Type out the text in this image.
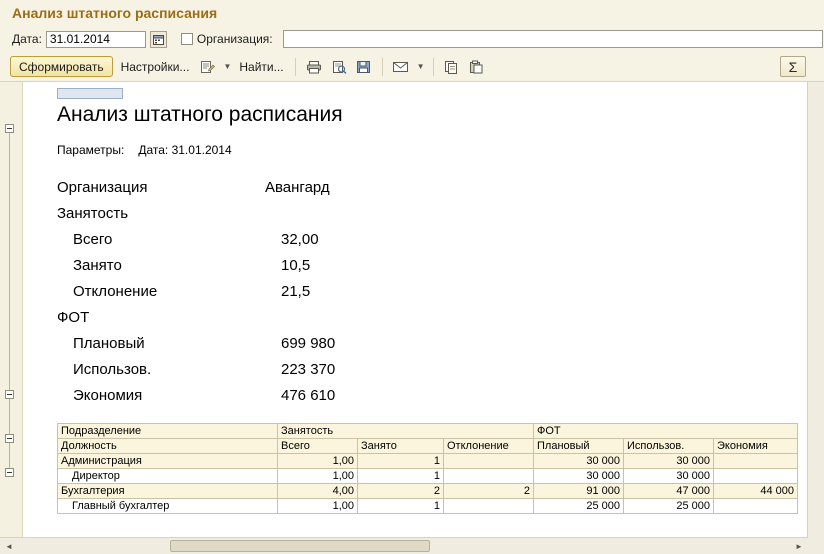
Анализ штатного расписания
Дата:
31.01.2014	Организация:
Сформировать	Настройки...	▼ Найти...	▼	Σ
Анализ штатного расписания
Параметры: Дата: 31.01.2014
Организация	Авангард
Занятость
Всего	32,00
Занято	10,5
Отклонение	21,5
ФОТ
Плановый	699 980
Использов.	223 370
Экономия	476 610
Подразделение	Занятость			ФОТ		
Должность	Всего	Занято	Отклонение	Плановый	Использов.	Экономия
Администрация	1,00	1		30 000	30 000	
Директор	1,00	1		30 000	30 000	
Бухгалтерия	4,00	2	2	91 000	47 000	44 000
Главный бухгалтер	1,00	1		25 000	25 000	
◄	►
